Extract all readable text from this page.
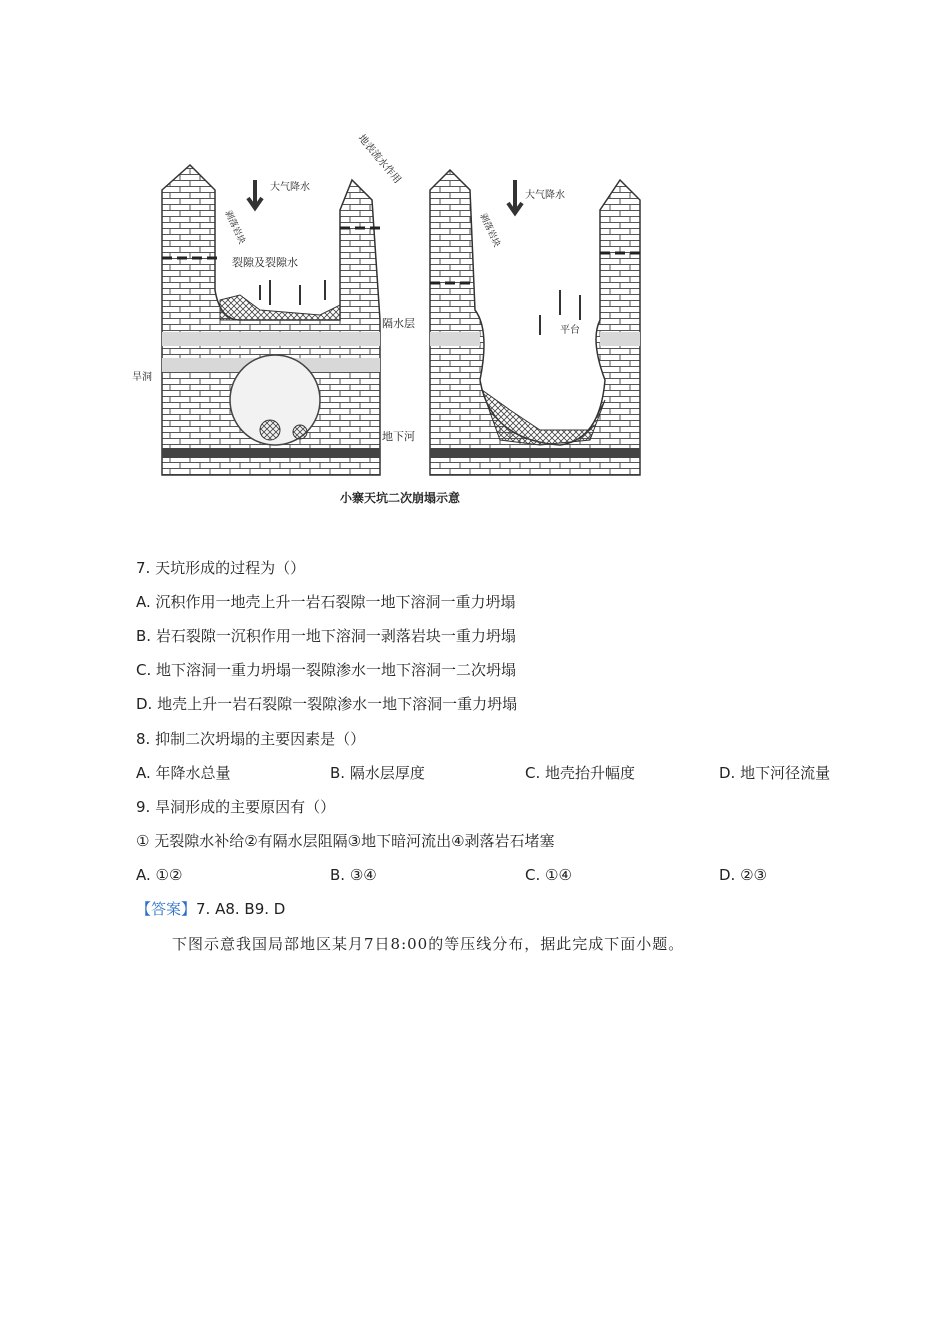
大气降水
大气降水
地表流水作用
剥落岩块	剥落岩块
裂隙及裂隙水
隔水层
旱洞
地下河
平台
小寨天坑二次崩塌示意
7. 天坑形成的过程为（）
A. 沉积作用一地壳上升一岩石裂隙一地下溶洞一重力坍塌
B. 岩石裂隙一沉积作用一地下溶洞一剥落岩块一重力坍塌
C. 地下溶洞一重力坍塌一裂隙渗水一地下溶洞一二次坍塌
D. 地壳上升一岩石裂隙一裂隙渗水一地下溶洞一重力坍塌
8. 抑制二次坍塌的主要因素是（）
A. 年降水总量	B. 隔水层厚度	C. 地壳抬升幅度	D. 地下河径流量
9. 旱洞形成的主要原因有（）
① 无裂隙水补给②有隔水层阻隔③地下暗河流出④剥落岩石堵塞
A. ①②	B. ③④	C. ①④	D. ②③
【答案】7. A8. B9. D
下图示意我国局部地区某月7日8:00的等压线分布，据此完成下面小题。
